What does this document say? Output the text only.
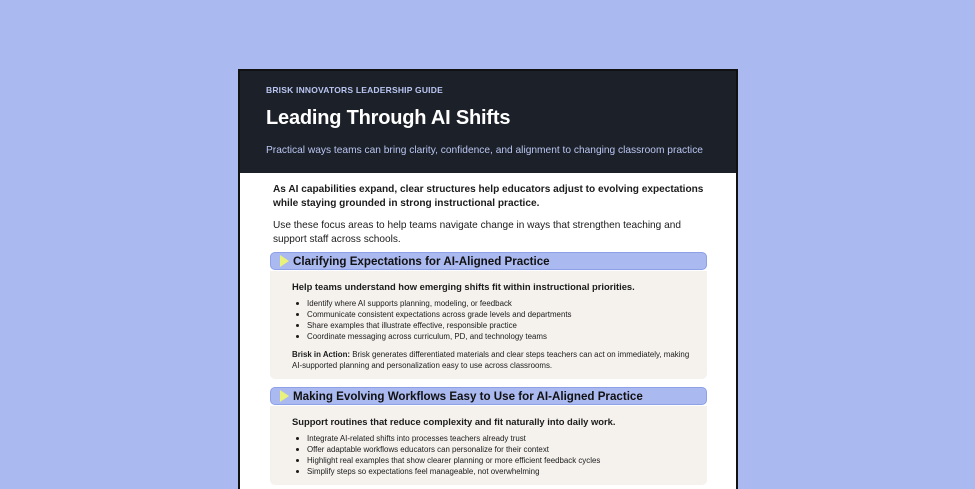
BRISK INNOVATORS LEADERSHIP GUIDE
Leading Through AI Shifts
Practical ways teams can bring clarity, confidence, and alignment to changing classroom practice

As AI capabilities expand, clear structures help educators adjust to evolving expectations while staying grounded in strong instructional practice.

Use these focus areas to help teams navigate change in ways that strengthen teaching and support staff across schools.

Clarifying Expectations for AI-Aligned Practice

Help teams understand how emerging shifts fit within instructional priorities.

Identify where AI supports planning, modeling, or feedback
Communicate consistent expectations across grade levels and departments
Share examples that illustrate effective, responsible practice
Coordinate messaging across curriculum, PD, and technology teams

Brisk in Action: Brisk generates differentiated materials and clear steps teachers can act on immediately, making AI-supported planning and personalization easy to use across classrooms.

Making Evolving Workflows Easy to Use for AI-Aligned Practice

Support routines that reduce complexity and fit naturally into daily work.

Integrate AI-related shifts into processes teachers already trust
Offer adaptable workflows educators can personalize for their context
Highlight real examples that show clearer planning or more efficient feedback cycles
Simplify steps so expectations feel manageable, not overwhelming
